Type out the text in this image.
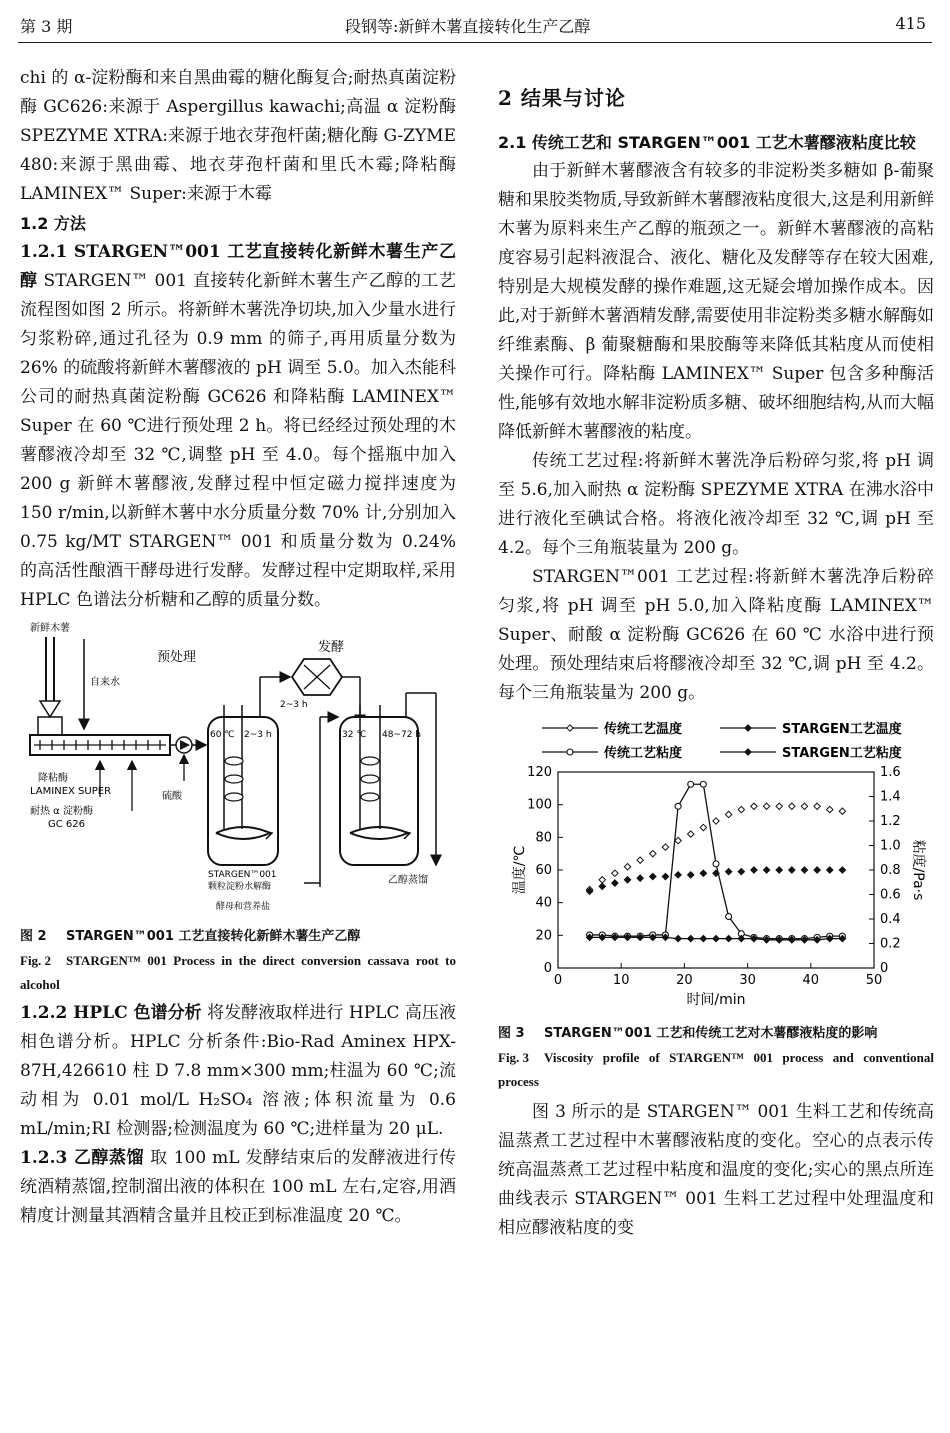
第 3 期	段钢等:新鲜木薯直接转化生产乙醇	415

chi 的 α-淀粉酶和来自黑曲霉的糖化酶复合;耐热真菌淀粉酶 GC626:来源于 Aspergillus kawachi;高温 α 淀粉酶 SPEZYME XTRA:来源于地衣芽孢杆菌;糖化酶 G-ZYME 480:来源于黑曲霉、地衣芽孢杆菌和里氏木霉;降粘酶 LAMINEX™ Super:来源于木霉

1.2 方法

1.2.1 STARGEN™001 工艺直接转化新鲜木薯生产乙醇 STARGEN™ 001 直接转化新鲜木薯生产乙醇的工艺流程图如图 2 所示。将新鲜木薯洗净切块,加入少量水进行匀浆粉碎,通过孔径为 0.9 mm 的筛子,再用质量分数为 26% 的硫酸将新鲜木薯醪液的 pH 调至 5.0。加入杰能科公司的耐热真菌淀粉酶 GC626 和降粘酶 LAMINEX™ Super 在 60 ℃进行预处理 2 h。将已经经过预处理的木薯醪液冷却至 32 ℃,调整 pH 至 4.0。每个摇瓶中加入 200 g 新鲜木薯醪液,发酵过程中恒定磁力搅拌速度为 150 r/min,以新鲜木薯中水分质量分数 70% 计,分别加入 0.75 kg/MT STARGEN™ 001 和质量分数为 0.24% 的高活性酿酒干酵母进行发酵。发酵过程中定期取样,采用 HPLC 色谱法分析糖和乙醇的质量分数。

新鲜木薯
自来水
降粘酶
LAMINEX SUPER
耐热 α 淀粉酶
GC 626
硫酸
预处理
60 ℃ 2~3 h
2~3 h
发酵
32 ℃ 48~72 h
乙醇蒸馏
STARGEN™001
颗粒淀粉水解酶
酵母和营养盐
图 2 STARGEN™001 工艺直接转化新鲜木薯生产乙醇
Fig. 2 STARGEN™ 001 Process in the direct conversion cassava root to alcohol

1.2.2 HPLC 色谱分析 将发酵液取样进行 HPLC 高压液相色谱分析。HPLC 分析条件:Bio-Rad Aminex HPX-87H,426610 柱 D 7.8 mm×300 mm;柱温为 60 ℃;流动相为 0.01 mol/L H₂SO₄ 溶液;体积流量为 0.6 mL/min;RI 检测器;检测温度为 60 ℃;进样量为 20 μL.

1.2.3 乙醇蒸馏 取 100 mL 发酵结束后的发酵液进行传统酒精蒸馏,控制溜出液的体积在 100 mL 左右,定容,用酒精度计测量其酒精含量并且校正到标准温度 20 ℃。

2 结果与讨论

2.1 传统工艺和 STARGEN™001 工艺木薯醪液粘度比较

由于新鲜木薯醪液含有较多的非淀粉类多糖如 β-葡聚糖和果胶类物质,导致新鲜木薯醪液粘度很大,这是利用新鲜木薯为原料来生产乙醇的瓶颈之一。新鲜木薯醪液的高粘度容易引起料液混合、液化、糖化及发酵等存在较大困难,特别是大规模发酵的操作难题,这无疑会增加操作成本。因此,对于新鲜木薯酒精发酵,需要使用非淀粉类多糖水解酶如纤维素酶、β 葡聚糖酶和果胶酶等来降低其粘度从而使相关操作可行。降粘酶 LAMINEX™ Super 包含多种酶活性,能够有效地水解非淀粉质多糖、破坏细胞结构,从而大幅降低新鲜木薯醪液的粘度。

传统工艺过程:将新鲜木薯洗净后粉碎匀浆,将 pH 调至 5.6,加入耐热 α 淀粉酶 SPEZYME XTRA 在沸水浴中进行液化至碘试合格。将液化液冷却至 32 ℃,调 pH 至 4.2。每个三角瓶装量为 200 g。

STARGEN™001 工艺过程:将新鲜木薯洗净后粉碎匀浆,将 pH 调至 pH 5.0,加入降粘度酶 LAMINEX™ Super、耐酸 α 淀粉酶 GC626 在 60 ℃ 水浴中进行预处理。预处理结束后将醪液冷却至 32 ℃,调 pH 至 4.2。每个三角瓶装量为 200 g。

0	10	20	30	40	50
0
20
40
60
80
100
120
0
0.2
0.4
0.6
0.8
1.0
1.2
1.4
1.6
时间/min
温度/℃	粘度/Pa·s
传统工艺温度	STARGEN工艺温度
传统工艺粘度	STARGEN工艺粘度
图 3 STARGEN™001 工艺和传统工艺对木薯醪液粘度的影响
Fig. 3 Viscosity profile of STARGEN™ 001 process and conventional process

图 3 所示的是 STARGEN™ 001 生料工艺和传统高温蒸煮工艺过程中木薯醪液粘度的变化。空心的点表示传统高温蒸煮工艺过程中粘度和温度的变化;实心的黑点所连曲线表示 STARGEN™ 001 生料工艺过程中处理温度和相应醪液粘度的变
